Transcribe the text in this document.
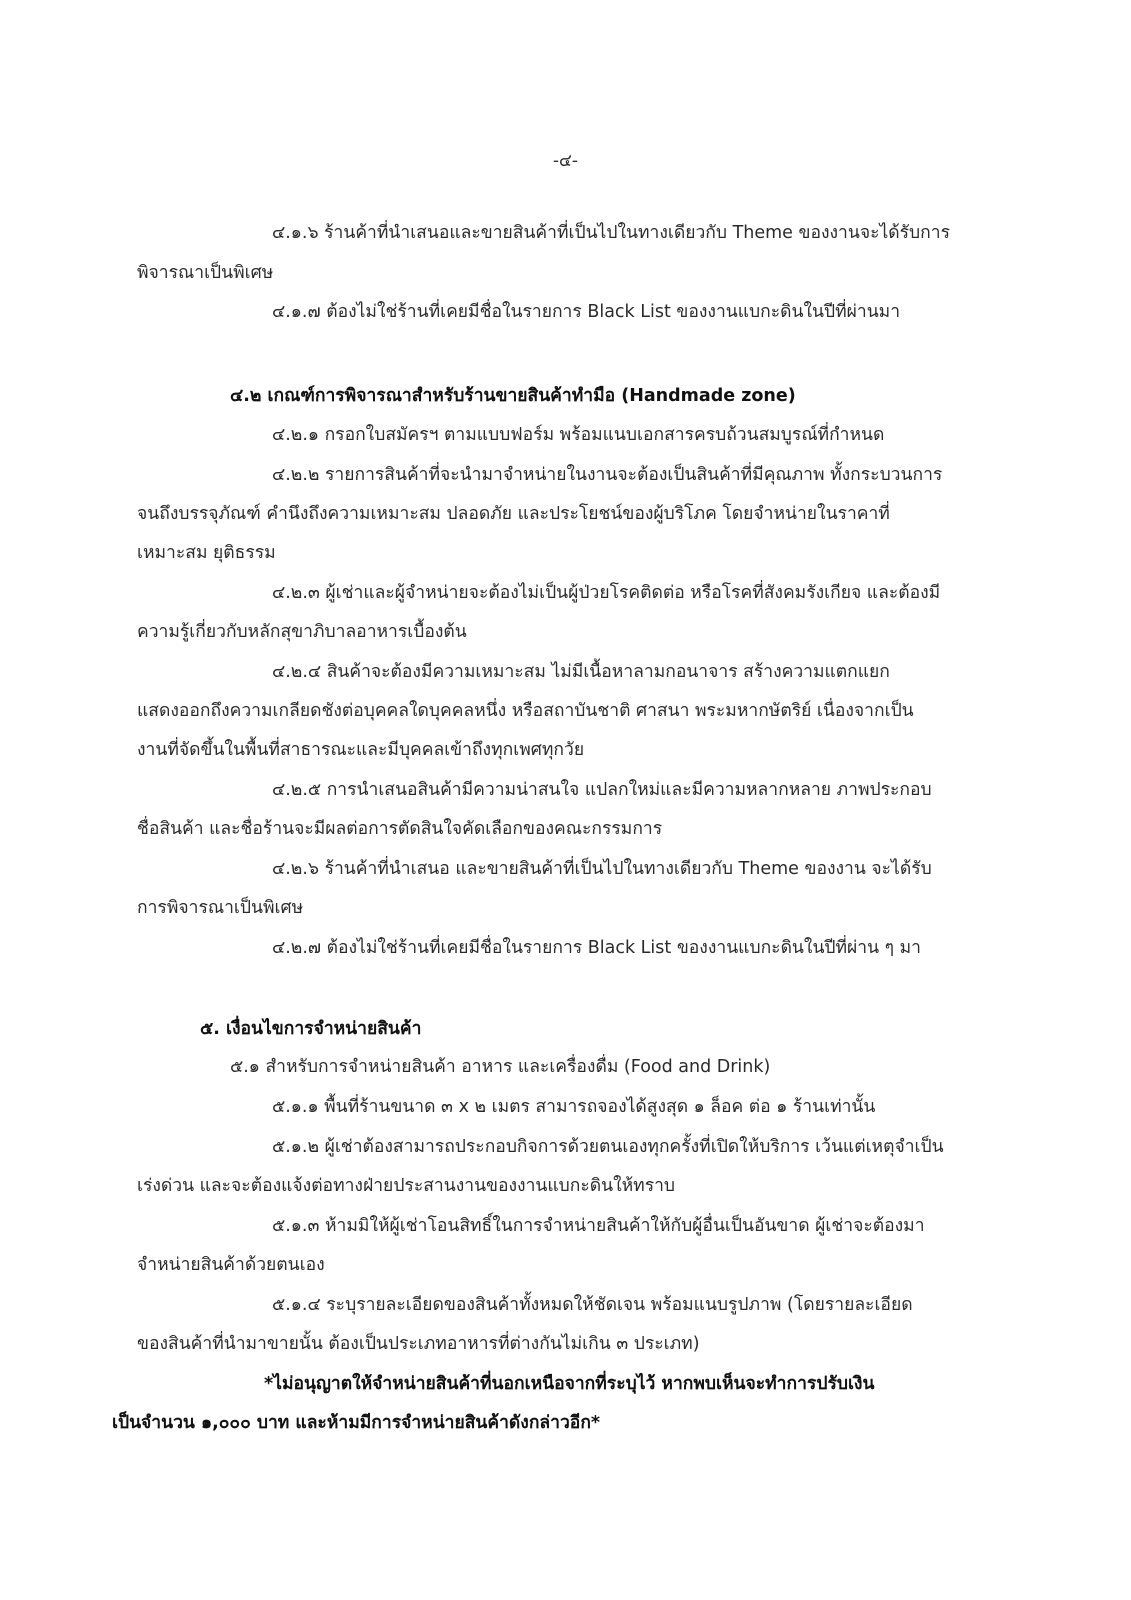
-๔-
๔.๑.๖ ร้านค้าที่นำเสนอและขายสินค้าที่เป็นไปในทางเดียวกับ Theme ของงานจะได้รับการ
พิจารณาเป็นพิเศษ
๔.๑.๗ ต้องไม่ใช่ร้านที่เคยมีชื่อในรายการ Black List ของงานแบกะดินในปีที่ผ่านมา
๔.๒ เกณฑ์การพิจารณาสำหรับร้านขายสินค้าทำมือ (Handmade zone)
๔.๒.๑ กรอกใบสมัครฯ ตามแบบฟอร์ม พร้อมแนบเอกสารครบถ้วนสมบูรณ์ที่กำหนด
๔.๒.๒ รายการสินค้าที่จะนำมาจำหน่ายในงานจะต้องเป็นสินค้าที่มีคุณภาพ ทั้งกระบวนการ
จนถึงบรรจุภัณฑ์ คำนึงถึงความเหมาะสม ปลอดภัย และประโยชน์ของผู้บริโภค โดยจำหน่ายในราคาที่
เหมาะสม ยุติธรรม
๔.๒.๓ ผู้เช่าและผู้จำหน่ายจะต้องไม่เป็นผู้ป่วยโรคติดต่อ หรือโรคที่สังคมรังเกียจ และต้องมี
ความรู้เกี่ยวกับหลักสุขาภิบาลอาหารเบื้องต้น
๔.๒.๔ สินค้าจะต้องมีความเหมาะสม ไม่มีเนื้อหาลามกอนาจาร สร้างความแตกแยก
แสดงออกถึงความเกลียดชังต่อบุคคลใดบุคคลหนึ่ง หรือสถาบันชาติ ศาสนา พระมหากษัตริย์ เนื่องจากเป็น
งานที่จัดขึ้นในพื้นที่สาธารณะและมีบุคคลเข้าถึงทุกเพศทุกวัย
๔.๒.๕ การนำเสนอสินค้ามีความน่าสนใจ แปลกใหม่และมีความหลากหลาย ภาพประกอบ
ชื่อสินค้า และชื่อร้านจะมีผลต่อการตัดสินใจคัดเลือกของคณะกรรมการ
๔.๒.๖ ร้านค้าที่นำเสนอ และขายสินค้าที่เป็นไปในทางเดียวกับ Theme ของงาน จะได้รับ
การพิจารณาเป็นพิเศษ
๔.๒.๗ ต้องไม่ใช่ร้านที่เคยมีชื่อในรายการ Black List ของงานแบกะดินในปีที่ผ่าน ๆ มา
๕. เงื่อนไขการจำหน่ายสินค้า
๕.๑ สำหรับการจำหน่ายสินค้า อาหาร และเครื่องดื่ม (Food and Drink)
๕.๑.๑ พื้นที่ร้านขนาด ๓ x ๒ เมตร สามารถจองได้สูงสุด ๑ ล็อค ต่อ ๑ ร้านเท่านั้น
๕.๑.๒ ผู้เช่าต้องสามารถประกอบกิจการด้วยตนเองทุกครั้งที่เปิดให้บริการ เว้นแต่เหตุจำเป็น
เร่งด่วน และจะต้องแจ้งต่อทางฝ่ายประสานงานของงานแบกะดินให้ทราบ
๕.๑.๓ ห้ามมิให้ผู้เช่าโอนสิทธิ์ในการจำหน่ายสินค้าให้กับผู้อื่นเป็นอันขาด ผู้เช่าจะต้องมา
จำหน่ายสินค้าด้วยตนเอง
๕.๑.๔ ระบุรายละเอียดของสินค้าทั้งหมดให้ชัดเจน พร้อมแนบรูปภาพ (โดยรายละเอียด
ของสินค้าที่นำมาขายนั้น ต้องเป็นประเภทอาหารที่ต่างกันไม่เกิน ๓ ประเภท)
*ไม่อนุญาตให้จำหน่ายสินค้าที่นอกเหนือจากที่ระบุไว้ หากพบเห็นจะทำการปรับเงิน
เป็นจำนวน ๑,๐๐๐ บาท และห้ามมีการจำหน่ายสินค้าดังกล่าวอีก*
